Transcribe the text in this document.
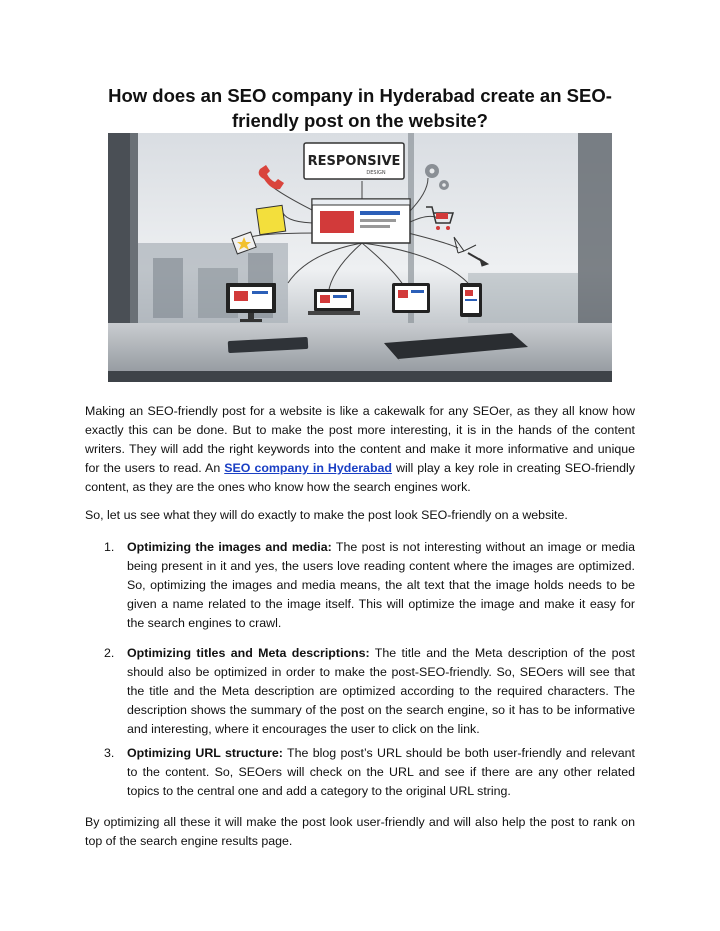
How does an SEO company in Hyderabad create an SEO-friendly post on the website?
RESPONSIVE
DESIGN

Making an SEO-friendly post for a website is like a cakewalk for any SEOer, as they all know how exactly this can be done. But to make the post more interesting, it is in the hands of the content writers. They will add the right keywords into the content and make it more informative and unique for the users to read. An SEO company in Hyderabad will play a key role in creating SEO-friendly content, as they are the ones who know how the search engines work.

So, let us see what they will do exactly to make the post look SEO-friendly on a website.

1. Optimizing the images and media: The post is not interesting without an image or media being present in it and yes, the users love reading content where the images are optimized. So, optimizing the images and media means, the alt text that the image holds needs to be given a name related to the image itself. This will optimize the image and make it easy for the search engines to crawl.
2. Optimizing titles and Meta descriptions: The title and the Meta description of the post should also be optimized in order to make the post-SEO-friendly. So, SEOers will see that the title and the Meta description are optimized according to the required characters. The description shows the summary of the post on the search engine, so it has to be informative and interesting, where it encourages the user to click on the link.
3. Optimizing URL structure: The blog post’s URL should be both user-friendly and relevant to the content. So, SEOers will check on the URL and see if there are any other related topics to the central one and add a category to the original URL string.

By optimizing all these it will make the post look user-friendly and will also help the post to rank on top of the search engine results page.
